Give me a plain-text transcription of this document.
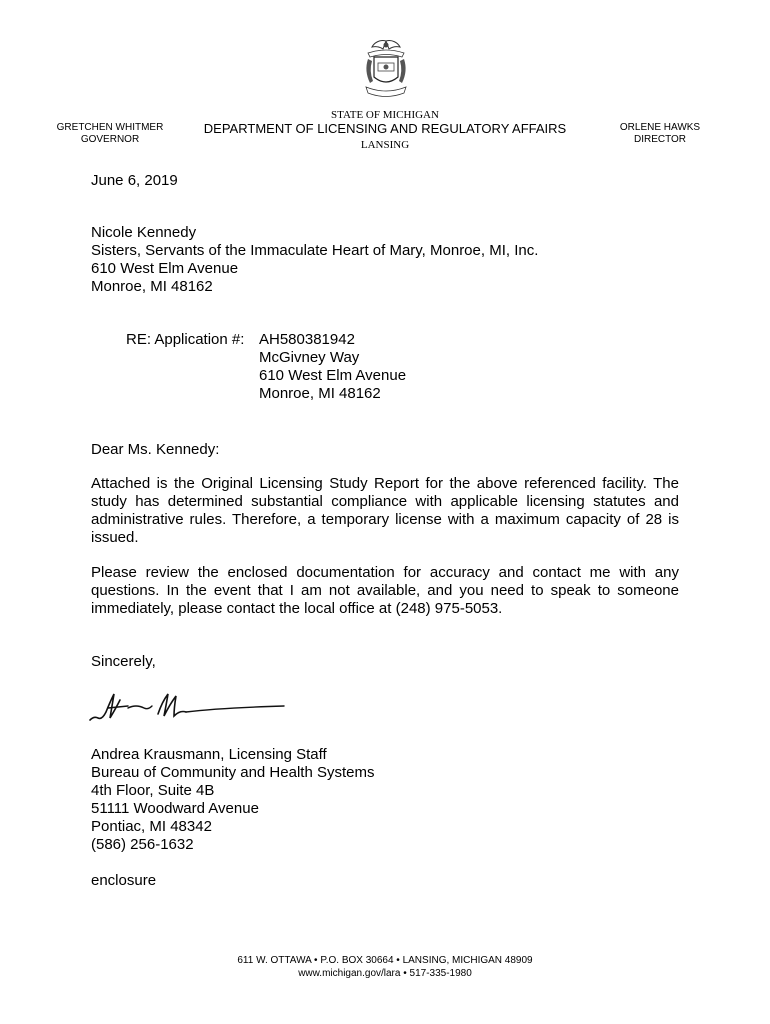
STATE OF MICHIGAN
DEPARTMENT OF LICENSING AND REGULATORY AFFAIRS
LANSING
GRETCHEN WHITMER
GOVERNOR
ORLENE HAWKS
DIRECTOR
June 6, 2019
Nicole Kennedy
Sisters, Servants of the Immaculate Heart of Mary, Monroe, MI, Inc.
610 West Elm Avenue
Monroe, MI 48162
RE: Application #: AH580381942
McGivney Way
610 West Elm Avenue
Monroe, MI 48162
Dear Ms. Kennedy:
Attached is the Original Licensing Study Report for the above referenced facility. The study has determined substantial compliance with applicable licensing statutes and administrative rules. Therefore, a temporary license with a maximum capacity of 28 is issued.
Please review the enclosed documentation for accuracy and contact me with any questions. In the event that I am not available, and you need to speak to someone immediately, please contact the local office at (248) 975-5053.
Sincerely,
Andrea Krausmann, Licensing Staff
Bureau of Community and Health Systems
4th Floor, Suite 4B
51111 Woodward Avenue
Pontiac, MI 48342
(586) 256-1632
enclosure
611 W. OTTAWA • P.O. BOX 30664 • LANSING, MICHIGAN 48909
www.michigan.gov/lara • 517-335-1980
